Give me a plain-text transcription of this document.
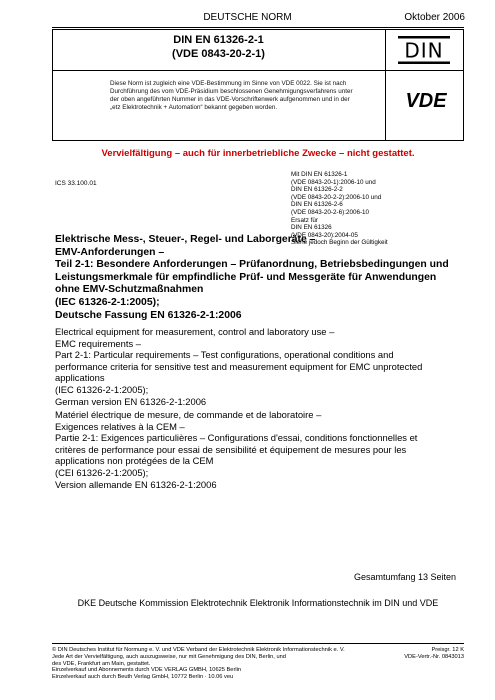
DEUTSCHE NORM	Oktober 2006
DIN EN 61326-2-1
(VDE 0843-20-2-1)
Diese Norm ist zugleich eine VDE-Bestimmung im Sinne von VDE 0022. Sie ist nach
Durchführung des vom VDE-Präsidium beschlossenen Genehmigungsverfahrens unter
der oben angeführten Nummer in das VDE-Vorschriftenwerk aufgenommen und in der
„etz Elektrotechnik + Automation“ bekannt gegeben worden.
DIN
VDE
Vervielfältigung – auch für innerbetriebliche Zwecke – nicht gestattet.
ICS 33.100.01
Mit DIN EN 61326-1
(VDE 0843-20-1):2006-10 und
DIN EN 61326-2-2
(VDE 0843-20-2-2):2006-10 und
DIN EN 61326-2-6
(VDE 0843-20-2-6):2006-10
Ersatz für
DIN EN 61326
(VDE 0843-20):2004-05
Siehe jedoch Beginn der Gültigkeit
Elektrische Mess-, Steuer-, Regel- und Laborgeräte –
EMV-Anforderungen –
Teil 2-1: Besondere Anforderungen – Prüfanordnung, Betriebsbedingungen und
Leistungsmerkmale für empfindliche Prüf- und Messgeräte für Anwendungen
ohne EMV-Schutzmaßnahmen
(IEC 61326-2-1:2005);
Deutsche Fassung EN 61326-2-1:2006
Electrical equipment for measurement, control and laboratory use –
EMC requirements –
Part 2-1: Particular requirements – Test configurations, operational conditions and
performance criteria for sensitive test and measurement equipment for EMC unprotected
applications
(IEC 61326-2-1:2005);
German version EN 61326-2-1:2006
Matériel électrique de mesure, de commande et de laboratoire –
Exigences relatives à la CEM –
Partie 2-1: Exigences particulières – Configurations d'essai, conditions fonctionnelles et
critères de performance pour essai de sensibilité et équipement de mesures pour les
applications non protégées de la CEM
(CEI 61326-2-1:2005);
Version allemande EN 61326-2-1:2006
Gesamtumfang 13 Seiten
DKE Deutsche Kommission Elektrotechnik Elektronik Informationstechnik im DIN und VDE
© DIN Deutsches Institut für Normung e. V. und VDE Verband der Elektrotechnik Elektronik Informationstechnik e. V.
Jede Art der Vervielfältigung, auch auszugsweise, nur mit Genehmigung des DIN, Berlin, und
des VDE, Frankfurt am Main, gestattet.
Einzelverkauf und Abonnements durch VDE VERLAG GMBH, 10625 Berlin
Einzelverkauf auch durch Beuth Verlag GmbH, 10772 Berlin · 10.06 veu
Preisgr. 12 K
VDE-Vertr.-Nr. 0843013
